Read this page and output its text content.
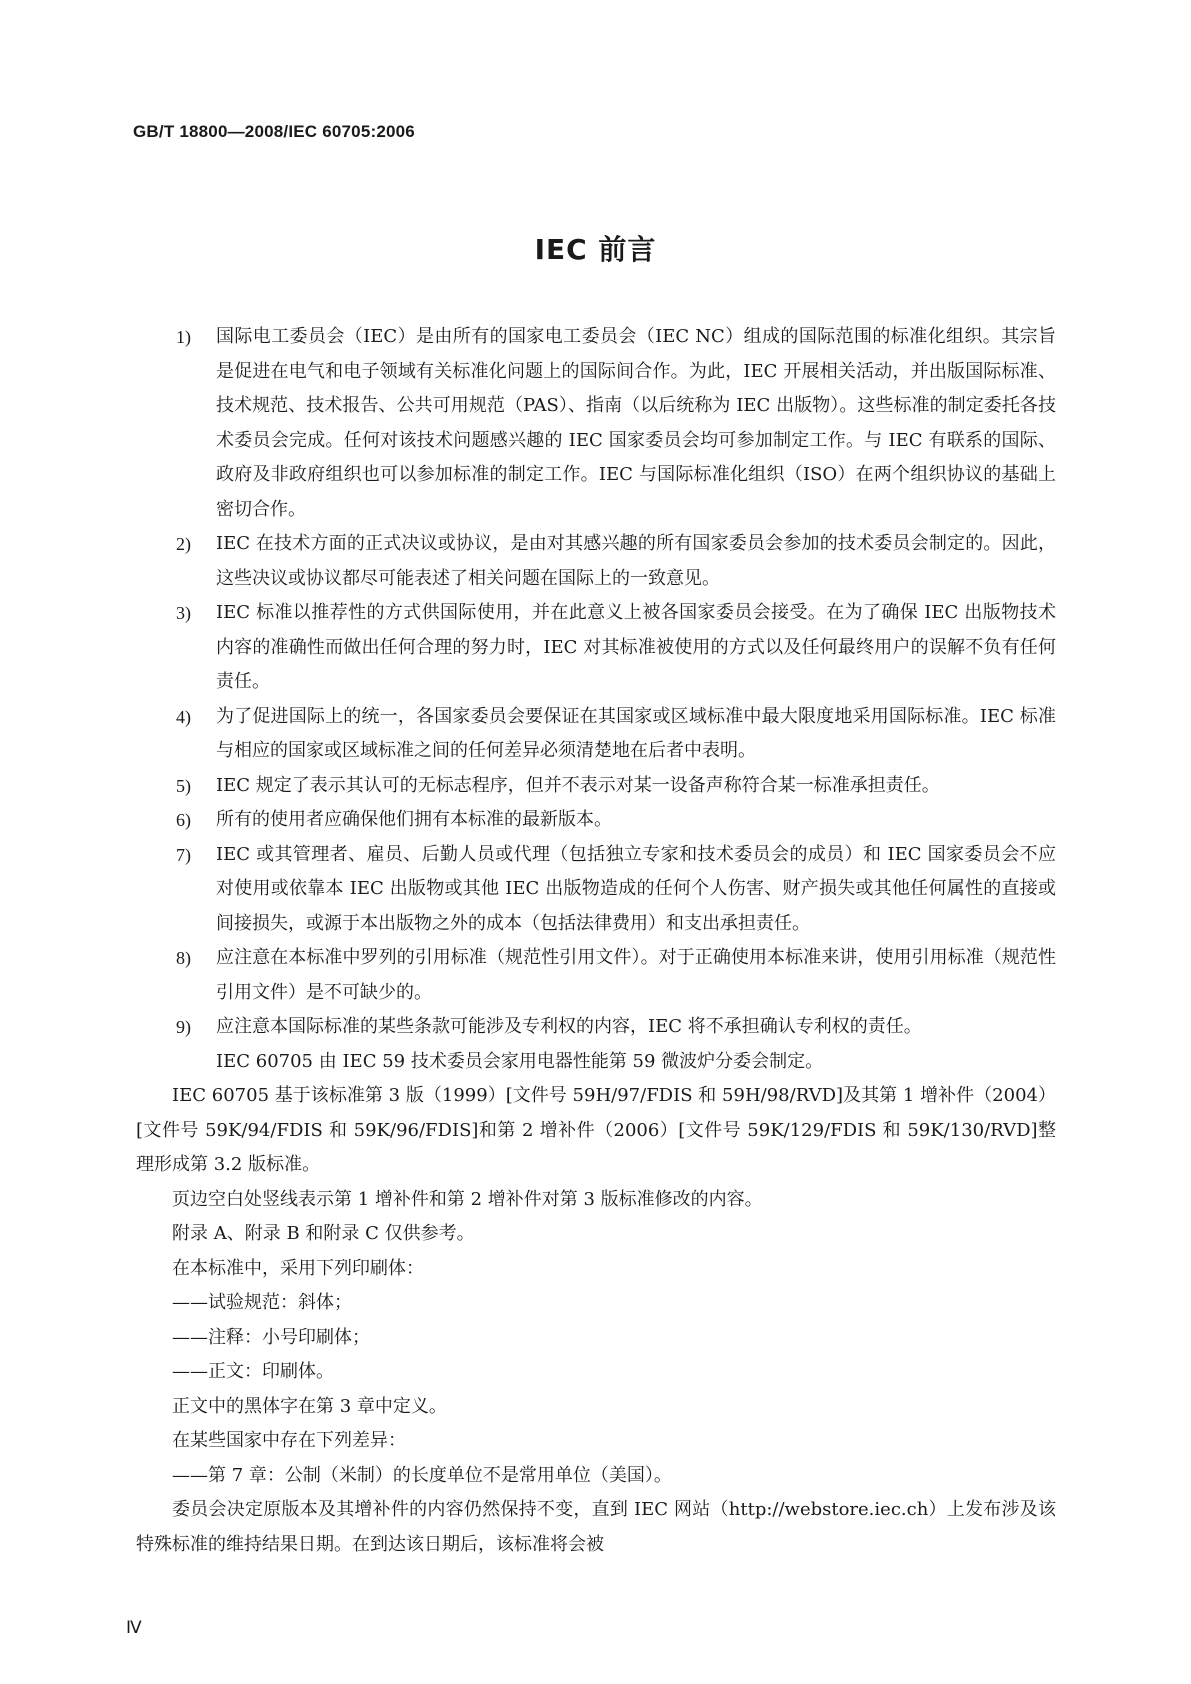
GB/T 18800—2008/IEC 60705:2006
IEC 前言
1)	国际电工委员会（IEC）是由所有的国家电工委员会（IEC NC）组成的国际范围的标准化组织。其宗旨是促进在电气和电子领域有关标准化问题上的国际间合作。为此，IEC 开展相关活动，并出版国际标准、技术规范、技术报告、公共可用规范（PAS）、指南（以后统称为 IEC 出版物）。这些标准的制定委托各技术委员会完成。任何对该技术问题感兴趣的 IEC 国家委员会均可参加制定工作。与 IEC 有联系的国际、政府及非政府组织也可以参加标准的制定工作。IEC 与国际标准化组织（ISO）在两个组织协议的基础上密切合作。
2)	IEC 在技术方面的正式决议或协议，是由对其感兴趣的所有国家委员会参加的技术委员会制定的。因此，这些决议或协议都尽可能表述了相关问题在国际上的一致意见。
3)	IEC 标准以推荐性的方式供国际使用，并在此意义上被各国家委员会接受。在为了确保 IEC 出版物技术内容的准确性而做出任何合理的努力时，IEC 对其标准被使用的方式以及任何最终用户的误解不负有任何责任。
4)	为了促进国际上的统一，各国家委员会要保证在其国家或区域标准中最大限度地采用国际标准。IEC 标准与相应的国家或区域标准之间的任何差异必须清楚地在后者中表明。
5)	IEC 规定了表示其认可的无标志程序，但并不表示对某一设备声称符合某一标准承担责任。
6)	所有的使用者应确保他们拥有本标准的最新版本。
7)	IEC 或其管理者、雇员、后勤人员或代理（包括独立专家和技术委员会的成员）和 IEC 国家委员会不应对使用或依靠本 IEC 出版物或其他 IEC 出版物造成的任何个人伤害、财产损失或其他任何属性的直接或间接损失，或源于本出版物之外的成本（包括法律费用）和支出承担责任。
8)	应注意在本标准中罗列的引用标准（规范性引用文件）。对于正确使用本标准来讲，使用引用标准（规范性引用文件）是不可缺少的。
9)	应注意本国际标准的某些条款可能涉及专利权的内容，IEC 将不承担确认专利权的责任。

IEC 60705 由 IEC 59 技术委员会家用电器性能第 59 微波炉分委会制定。

IEC 60705 基于该标准第 3 版（1999）[文件号 59H/97/FDIS 和 59H/98/RVD]及其第 1 增补件（2004）[文件号 59K/94/FDIS 和 59K/96/FDIS]和第 2 增补件（2006）[文件号 59K/129/FDIS 和 59K/130/RVD]整理形成第 3.2 版标准。

页边空白处竖线表示第 1 增补件和第 2 增补件对第 3 版标准修改的内容。

附录 A、附录 B 和附录 C 仅供参考。

在本标准中，采用下列印刷体：

——试验规范：斜体；

——注释：小号印刷体；

——正文：印刷体。

正文中的黑体字在第 3 章中定义。

在某些国家中存在下列差异：

——第 7 章：公制（米制）的长度单位不是常用单位（美国）。

委员会决定原版本及其增补件的内容仍然保持不变，直到 IEC 网站（http://webstore.iec.ch）上发布涉及该特殊标准的维持结果日期。在到达该日期后，该标准将会被

Ⅳ
